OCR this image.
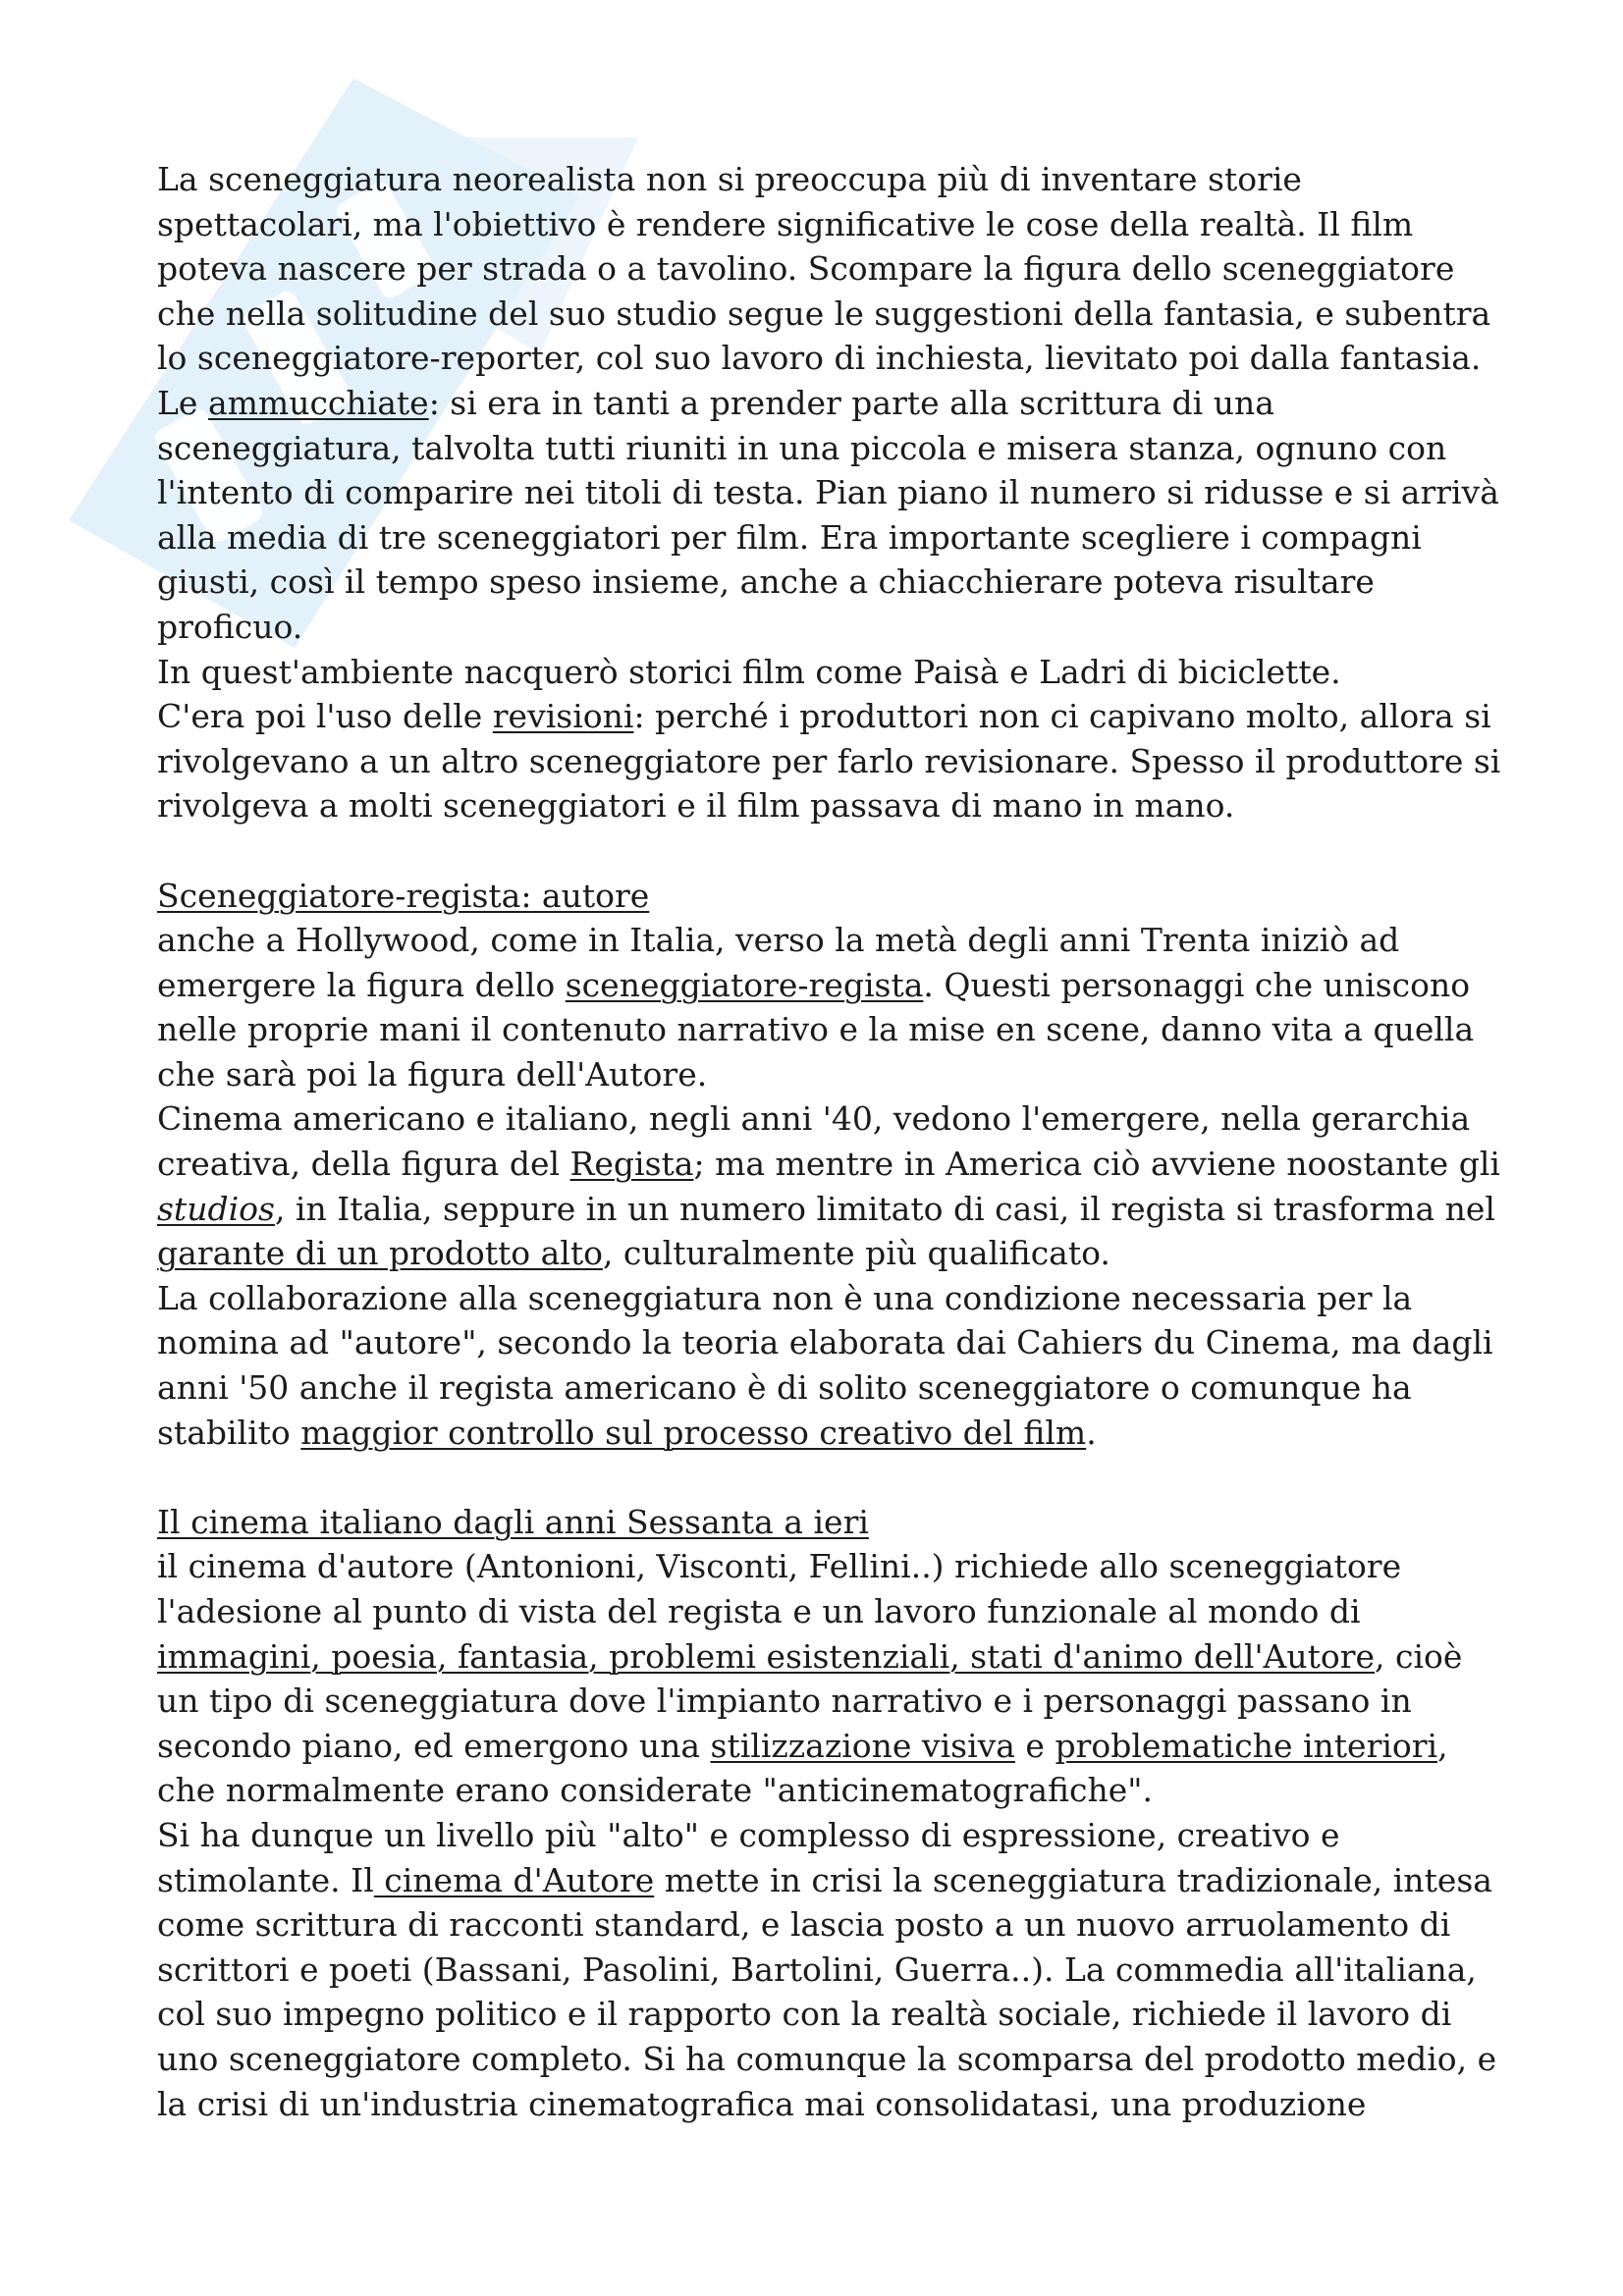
La sceneggiatura neorealista non si preoccupa più di inventare storie
spettacolari, ma l'obiettivo è rendere significative le cose della realtà. Il film
poteva nascere per strada o a tavolino. Scompare la figura dello sceneggiatore
che nella solitudine del suo studio segue le suggestioni della fantasia, e subentra
lo sceneggiatore-reporter, col suo lavoro di inchiesta, lievitato poi dalla fantasia.
Le ammucchiate: si era in tanti a prender parte alla scrittura di una
sceneggiatura, talvolta tutti riuniti in una piccola e misera stanza, ognuno con
l'intento di comparire nei titoli di testa. Pian piano il numero si ridusse e si arrivà
alla media di tre sceneggiatori per film. Era importante scegliere i compagni
giusti, così il tempo speso insieme, anche a chiacchierare poteva risultare
proficuo.
In quest'ambiente nacquerò storici film come Paisà e Ladri di biciclette.
C'era poi l'uso delle revisioni: perché i produttori non ci capivano molto, allora si
rivolgevano a un altro sceneggiatore per farlo revisionare. Spesso il produttore si
rivolgeva a molti sceneggiatori e il film passava di mano in mano.
Sceneggiatore-regista: autore
anche a Hollywood, come in Italia, verso la metà degli anni Trenta iniziò ad
emergere la figura dello sceneggiatore-regista. Questi personaggi che uniscono
nelle proprie mani il contenuto narrativo e la mise en scene, danno vita a quella
che sarà poi la figura dell'Autore.
Cinema americano e italiano, negli anni '40, vedono l'emergere, nella gerarchia
creativa, della figura del Regista; ma mentre in America ciò avviene noostante gli
studios, in Italia, seppure in un numero limitato di casi, il regista si trasforma nel
garante di un prodotto alto, culturalmente più qualificato.
La collaborazione alla sceneggiatura non è una condizione necessaria per la
nomina ad "autore", secondo la teoria elaborata dai Cahiers du Cinema, ma dagli
anni '50 anche il regista americano è di solito sceneggiatore o comunque ha
stabilito maggior controllo sul processo creativo del film.
Il cinema italiano dagli anni Sessanta a ieri
il cinema d'autore (Antonioni, Visconti, Fellini..) richiede allo sceneggiatore
l'adesione al punto di vista del regista e un lavoro funzionale al mondo di
immagini, poesia, fantasia, problemi esistenziali, stati d'animo dell'Autore, cioè
un tipo di sceneggiatura dove l'impianto narrativo e i personaggi passano in
secondo piano, ed emergono una stilizzazione visiva e problematiche interiori,
che normalmente erano considerate "anticinematografiche".
Si ha dunque un livello più "alto" e complesso di espressione, creativo e
stimolante. Il cinema d'Autore mette in crisi la sceneggiatura tradizionale, intesa
come scrittura di racconti standard, e lascia posto a un nuovo arruolamento di
scrittori e poeti (Bassani, Pasolini, Bartolini, Guerra..). La commedia all'italiana,
col suo impegno politico e il rapporto con la realtà sociale, richiede il lavoro di
uno sceneggiatore completo. Si ha comunque la scomparsa del prodotto medio, e
la crisi di un'industria cinematografica mai consolidatasi, una produzione
